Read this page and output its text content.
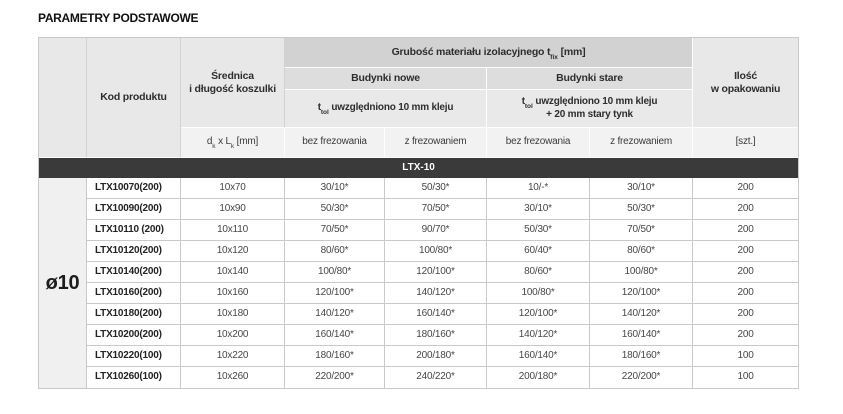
PARAMETRY PODSTAWOWE
	Kod produktu	Średnica
i długość koszulki	Grubość materiału izolacyjnego $t_{fix}$ [mm]				Ilość
w opakowaniu
			Budynki nowe		Budynki stare		
			$t_{tol}$ uwzględniono 10 mm kleju		$t_{tol}$ uwzględniono 10 mm kleju
+ 20 mm stary tynk		
		$d_k$ x $L_k$ [mm]	bez frezowania	z frezowaniem	bez frezowania	z frezowaniem	[szt.]
LTX-10							
ø10	LTX10070(200)	10x70	30/10*	50/30*	10/-*	30/10*	200
	LTX10090(200)	10x90	50/30*	70/50*	30/10*	50/30*	200
	LTX10110 (200)	10x110	70/50*	90/70*	50/30*	70/50*	200
	LTX10120(200)	10x120	80/60*	100/80*	60/40*	80/60*	200
	LTX10140(200)	10x140	100/80*	120/100*	80/60*	100/80*	200
	LTX10160(200)	10x160	120/100*	140/120*	100/80*	120/100*	200
	LTX10180(200)	10x180	140/120*	160/140*	120/100*	140/120*	200
	LTX10200(200)	10x200	160/140*	180/160*	140/120*	160/140*	200
	LTX10220(100)	10x220	180/160*	200/180*	160/140*	180/160*	100
	LTX10260(100)	10x260	220/200*	240/220*	200/180*	220/200*	100
